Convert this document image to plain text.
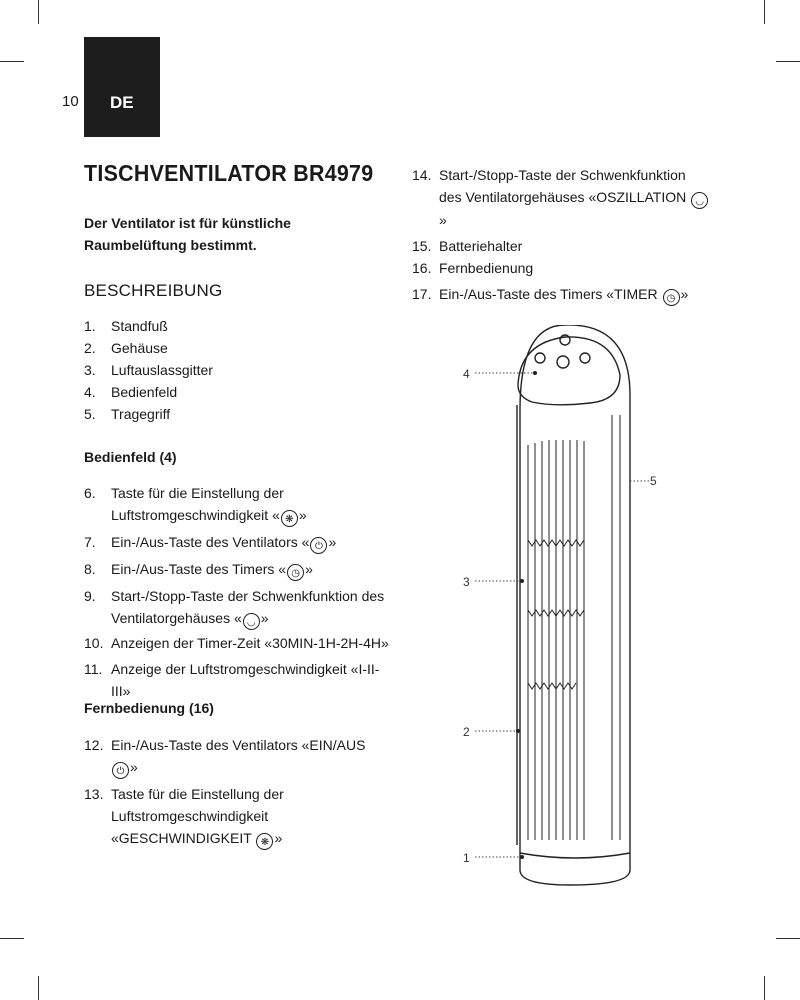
10 DE
TISCHVENTILATOR BR4979
Der Ventilator ist für künstliche Raumbelüftung bestimmt.
BESCHREIBUNG
1. Standfuß
2. Gehäuse
3. Luftauslassgitter
4. Bedienfeld
5. Tragegriff
Bedienfeld (4)
6. Taste für die Einstellung der Luftstromgeschwindigkeit « ❋ »
7. Ein-/Aus-Taste des Ventilators « ⏻ »
8. Ein-/Aus-Taste des Timers « ◷ »
9. Start-/Stopp-Taste der Schwenkfunktion des Ventilatorgehäuses « ◡ »
10. Anzeigen der Timer-Zeit «30MIN-1H-2H-4H»
11. Anzeige der Luftstromgeschwindigkeit «I-II-III»
Fernbedienung (16)
12. Ein-/Aus-Taste des Ventilators «EIN/AUS ⏻ »
13. Taste für die Einstellung der Luftstromgeschwindigkeit «GESCHWINDIGKEIT ❋ »
14. Start-/Stopp-Taste der Schwenkfunktion des Ventilatorgehäuses «OSZILLATION ◡»
15. Batteriehalter
16. Fernbedienung
17. Ein-/Aus-Taste des Timers «TIMER ◷ »
4
5
3
2
1
